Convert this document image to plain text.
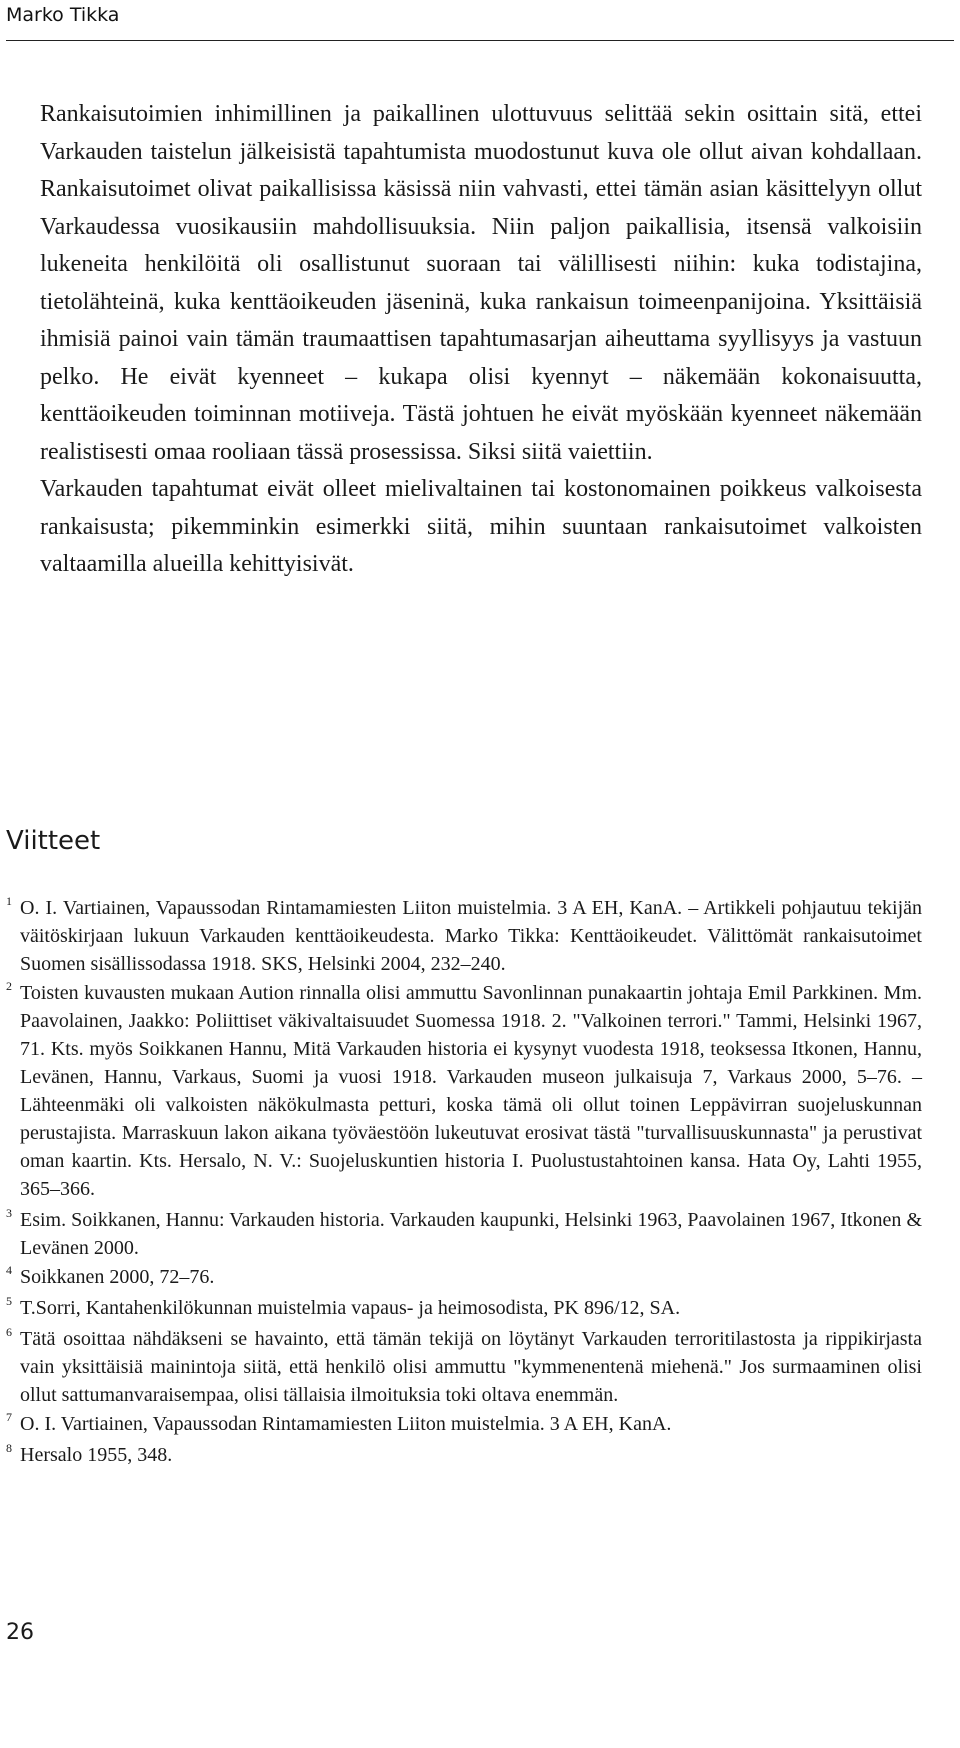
Marko Tikka

Rankaisutoimien inhimillinen ja paikallinen ulottuvuus selittää sekin osittain sitä, ettei Varkauden taistelun jälkeisistä tapahtumista muodostunut kuva ole ollut aivan kohdallaan. Rankaisutoimet olivat paikallisissa käsissä niin vahvasti, ettei tämän asian käsittelyyn ollut Varkaudessa vuosikausiin mahdollisuuksia. Niin paljon paikallisia, itsensä valkoisiin lukeneita henkilöitä oli osallistunut suoraan tai välillisesti niihin: kuka todistajina, tietolähteinä, kuka kenttäoikeuden jäseninä, kuka rankaisun toimeenpanijoina. Yksittäisiä ihmisiä painoi vain tämän traumaattisen tapahtumasarjan aiheuttama syyllisyys ja vastuun pelko. He eivät kyenneet – kukapa olisi kyennyt – näkemään kokonaisuutta, kenttäoikeuden toiminnan motiiveja. Tästä johtuen he eivät myöskään kyenneet näkemään realistisesti omaa rooliaan tässä prosessissa. Siksi siitä vaiettiin.

Varkauden tapahtumat eivät olleet mielivaltainen tai kostonomainen poikkeus valkoisesta rankaisusta; pikemminkin esimerkki siitä, mihin suuntaan rankaisutoimet valkoisten valtaamilla alueilla kehittyisivät.

Viitteet
1 O. I. Vartiainen, Vapaussodan Rintamamiesten Liiton muistelmia. 3 A EH, KanA. – Artikkeli pohjautuu tekijän väitöskirjaan lukuun Varkauden kenttäoikeudesta. Marko Tikka: Kenttäoikeudet. Välittömät rankaisutoimet Suomen sisällissodassa 1918. SKS, Helsinki 2004, 232–240.
2 Toisten kuvausten mukaan Aution rinnalla olisi ammuttu Savonlinnan punakaartin johtaja Emil Parkkinen. Mm. Paavolainen, Jaakko: Poliittiset väkivaltaisuudet Suomessa 1918. 2. "Valkoinen terrori." Tammi, Helsinki 1967, 71. Kts. myös Soikkanen Hannu, Mitä Varkauden historia ei kysynyt vuodesta 1918, teoksessa Itkonen, Hannu, Levänen, Hannu, Varkaus, Suomi ja vuosi 1918. Varkauden museon julkaisuja 7, Varkaus 2000, 5–76. – Lähteenmäki oli valkoisten näkökulmasta petturi, koska tämä oli ollut toinen Leppävirran suojeluskunnan perustajista. Marraskuun lakon aikana työväestöön lukeutuvat erosivat tästä "turvallisuuskunnasta" ja perustivat oman kaartin. Kts. Hersalo, N. V.: Suojeluskuntien historia I. Puolustustahtoinen kansa. Hata Oy, Lahti 1955, 365–366.
3 Esim. Soikkanen, Hannu: Varkauden historia. Varkauden kaupunki, Helsinki 1963, Paavolainen 1967, Itkonen & Levänen 2000.
4 Soikkanen 2000, 72–76.
5 T.Sorri, Kantahenkilökunnan muistelmia vapaus- ja heimosodista, PK 896/12, SA.
6 Tätä osoittaa nähdäkseni se havainto, että tämän tekijä on löytänyt Varkauden terroritilastosta ja rippikirjasta vain yksittäisiä mainintoja siitä, että henkilö olisi ammuttu "kymmenentenä miehenä." Jos surmaaminen olisi ollut sattumanvaraisempaa, olisi tällaisia ilmoituksia toki oltava enemmän.
7 O. I. Vartiainen, Vapaussodan Rintamamiesten Liiton muistelmia. 3 A EH, KanA.
8 Hersalo 1955, 348.
26
